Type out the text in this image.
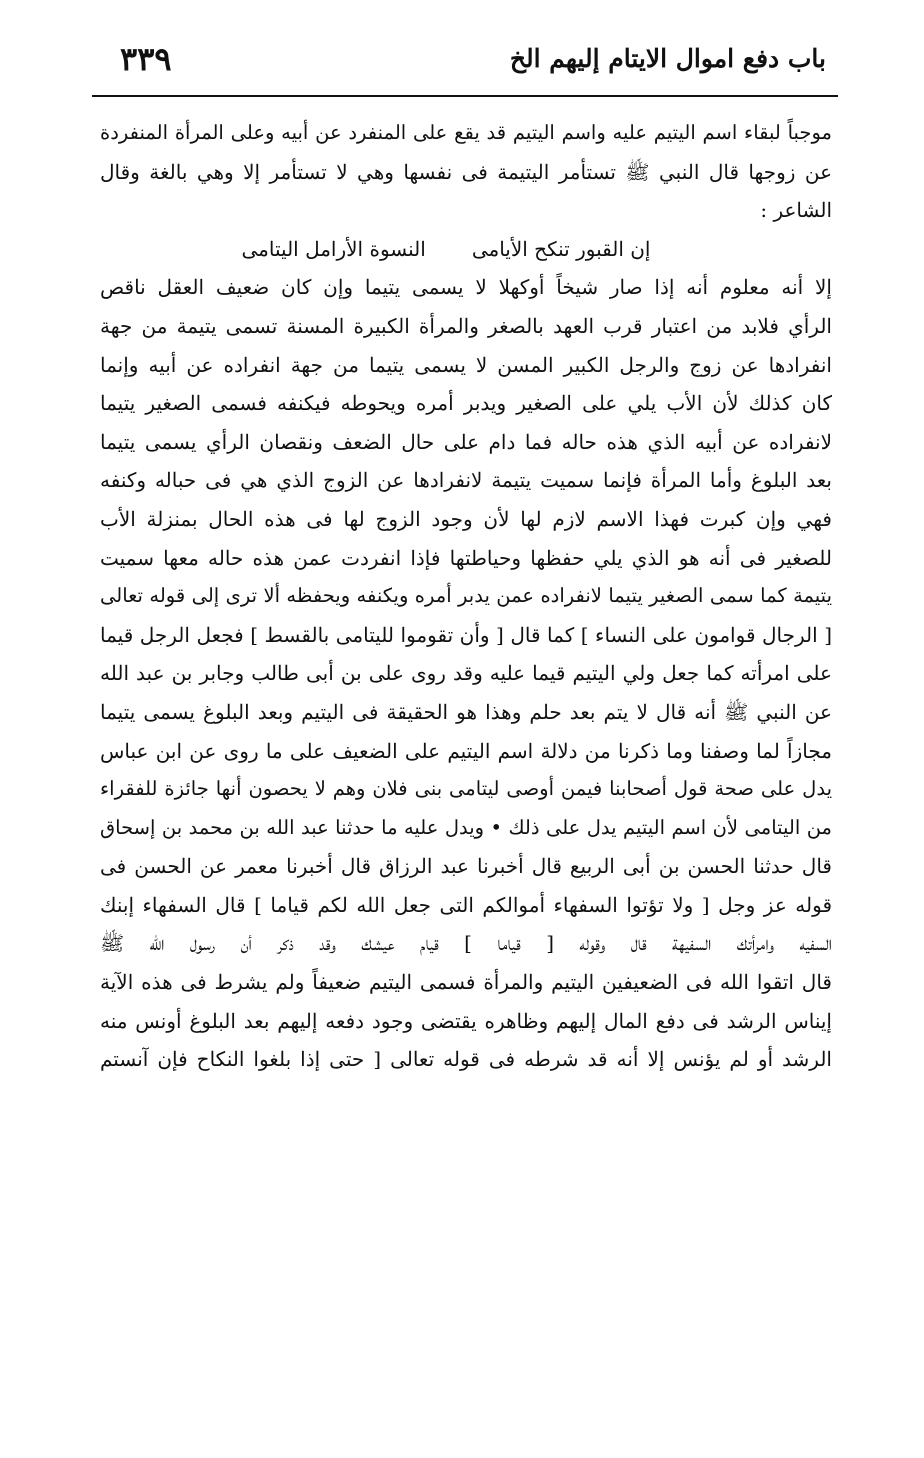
باب دفع اموال الايتام إليهم الخ
٣٣٩
موجباً لبقاء اسم اليتيم عليه واسم اليتيم قد يقع على المنفرد عن أبيه وعلى المرأة المنفردة
عن زوجها قال النبي ﷺ تستأمر اليتيمة فى نفسها وهي لا تستأمر إلا وهي بالغة وقال
الشاعر :
إن القبور تنكح الأيامى
النسوة الأرامل اليتامى
إلا أنه معلوم أنه إذا صار شيخاً أوكهلا لا يسمى يتيما وإن كان ضعيف العقل ناقص
الرأي فلابد من اعتبار قرب العهد بالصغر والمرأة الكبيرة المسنة تسمى يتيمة من جهة
انفرادها عن زوج والرجل الكبير المسن لا يسمى يتيما من جهة انفراده عن أبيه وإنما
كان كذلك لأن الأب يلي على الصغير ويدبر أمره ويحوطه فيكنفه فسمى الصغير يتيما
لانفراده عن أبيه الذي هذه حاله فما دام على حال الضعف ونقصان الرأي يسمى يتيما
بعد البلوغ وأما المرأة فإنما سميت يتيمة لانفرادها عن الزوج الذي هي فى حباله وكنفه
فهي وإن كبرت فهذا الاسم لازم لها لأن وجود الزوج لها فى هذه الحال بمنزلة الأب
للصغير فى أنه هو الذي يلي حفظها وحياطتها فإذا انفردت عمن هذه حاله معها سميت
يتيمة كما سمى الصغير يتيما لانفراده عمن يدبر أمره ويكنفه ويحفظه ألا ترى إلى قوله تعالى
[ الرجال قوامون على النساء ] كما قال [ وأن تقوموا لليتامى بالقسط ] فجعل الرجل قيما
على امرأته كما جعل ولي اليتيم قيما عليه وقد روى على بن أبى طالب وجابر بن عبد الله
عن النبي ﷺ أنه قال لا يتم بعد حلم وهذا هو الحقيقة فى اليتيم وبعد البلوغ يسمى يتيما
مجازاً لما وصفنا وما ذكرنا من دلالة اسم اليتيم على الضعيف على ما روى عن ابن عباس
يدل على صحة قول أصحابنا فيمن أوصى ليتامى بنى فلان وهم لا يحصون أنها جائزة للفقراء
من اليتامى لأن اسم اليتيم يدل على ذلك • ويدل عليه ما حدثنا عبد الله بن محمد بن إسحاق
قال حدثنا الحسن بن أبى الربيع قال أخبرنا عبد الرزاق قال أخبرنا معمر عن الحسن فى
قوله عز وجل [ ولا تؤتوا السفهاء أموالكم التى جعل الله لكم قياما ] قال السفهاء إبنك
السفيه وامرأتك السفيهة قال وقوله [ قياما ] قيام عيشك وقد ذكر أن رسول الله ﷺ
قال اتقوا الله فى الضعيفين اليتيم والمرأة فسمى اليتيم ضعيفاً ولم يشرط فى هذه الآية
إيناس الرشد فى دفع المال إليهم وظاهره يقتضى وجود دفعه إليهم بعد البلوغ أونس منه
الرشد أو لم يؤنس إلا أنه قد شرطه فى قوله تعالى [ حتى إذا بلغوا النكاح فإن آنستم
